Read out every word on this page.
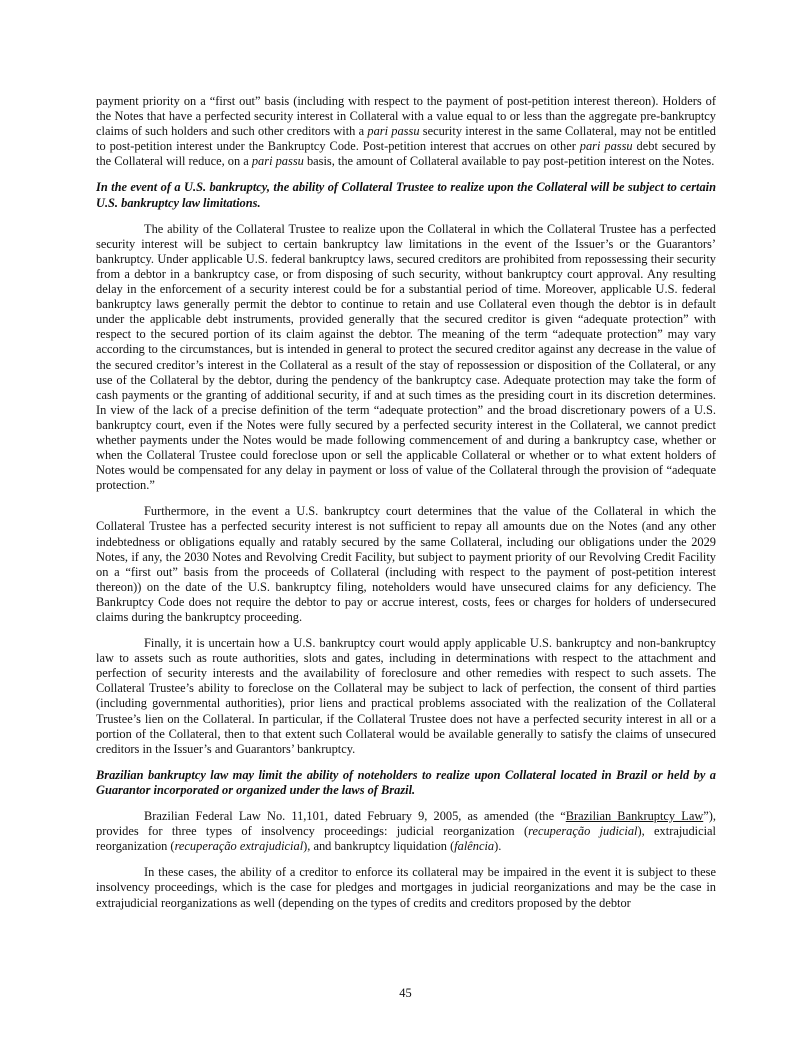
payment priority on a “first out” basis (including with respect to the payment of post-petition interest thereon). Holders of the Notes that have a perfected security interest in Collateral with a value equal to or less than the aggregate pre-bankruptcy claims of such holders and such other creditors with a pari passu security interest in the same Collateral, may not be entitled to post-petition interest under the Bankruptcy Code. Post-petition interest that accrues on other pari passu debt secured by the Collateral will reduce, on a pari passu basis, the amount of Collateral available to pay post-petition interest on the Notes.

In the event of a U.S. bankruptcy, the ability of Collateral Trustee to realize upon the Collateral will be subject to certain U.S. bankruptcy law limitations.

The ability of the Collateral Trustee to realize upon the Collateral in which the Collateral Trustee has a perfected security interest will be subject to certain bankruptcy law limitations in the event of the Issuer’s or the Guarantors’ bankruptcy. Under applicable U.S. federal bankruptcy laws, secured creditors are prohibited from repossessing their security from a debtor in a bankruptcy case, or from disposing of such security, without bankruptcy court approval. Any resulting delay in the enforcement of a security interest could be for a substantial period of time. Moreover, applicable U.S. federal bankruptcy laws generally permit the debtor to continue to retain and use Collateral even though the debtor is in default under the applicable debt instruments, provided generally that the secured creditor is given “adequate protection” with respect to the secured portion of its claim against the debtor. The meaning of the term “adequate protection” may vary according to the circumstances, but is intended in general to protect the secured creditor against any decrease in the value of the secured creditor’s interest in the Collateral as a result of the stay of repossession or disposition of the Collateral, or any use of the Collateral by the debtor, during the pendency of the bankruptcy case. Adequate protection may take the form of cash payments or the granting of additional security, if and at such times as the presiding court in its discretion determines. In view of the lack of a precise definition of the term “adequate protection” and the broad discretionary powers of a U.S. bankruptcy court, even if the Notes were fully secured by a perfected security interest in the Collateral, we cannot predict whether payments under the Notes would be made following commencement of and during a bankruptcy case, whether or when the Collateral Trustee could foreclose upon or sell the applicable Collateral or whether or to what extent holders of Notes would be compensated for any delay in payment or loss of value of the Collateral through the provision of “adequate protection.”

Furthermore, in the event a U.S. bankruptcy court determines that the value of the Collateral in which the Collateral Trustee has a perfected security interest is not sufficient to repay all amounts due on the Notes (and any other indebtedness or obligations equally and ratably secured by the same Collateral, including our obligations under the 2029 Notes, if any, the 2030 Notes and Revolving Credit Facility, but subject to payment priority of our Revolving Credit Facility on a “first out” basis from the proceeds of Collateral (including with respect to the payment of post-petition interest thereon)) on the date of the U.S. bankruptcy filing, noteholders would have unsecured claims for any deficiency. The Bankruptcy Code does not require the debtor to pay or accrue interest, costs, fees or charges for holders of undersecured claims during the bankruptcy proceeding.

Finally, it is uncertain how a U.S. bankruptcy court would apply applicable U.S. bankruptcy and non-bankruptcy law to assets such as route authorities, slots and gates, including in determinations with respect to the attachment and perfection of security interests and the availability of foreclosure and other remedies with respect to such assets. The Collateral Trustee’s ability to foreclose on the Collateral may be subject to lack of perfection, the consent of third parties (including governmental authorities), prior liens and practical problems associated with the realization of the Collateral Trustee’s lien on the Collateral. In particular, if the Collateral Trustee does not have a perfected security interest in all or a portion of the Collateral, then to that extent such Collateral would be available generally to satisfy the claims of unsecured creditors in the Issuer’s and Guarantors’ bankruptcy.

Brazilian bankruptcy law may limit the ability of noteholders to realize upon Collateral located in Brazil or held by a Guarantor incorporated or organized under the laws of Brazil.

Brazilian Federal Law No. 11,101, dated February 9, 2005, as amended (the “Brazilian Bankruptcy Law”), provides for three types of insolvency proceedings: judicial reorganization (recuperação judicial), extrajudicial reorganization (recuperação extrajudicial), and bankruptcy liquidation (falência).

In these cases, the ability of a creditor to enforce its collateral may be impaired in the event it is subject to these insolvency proceedings, which is the case for pledges and mortgages in judicial reorganizations and may be the case in extrajudicial reorganizations as well (depending on the types of credits and creditors proposed by the debtor

45
